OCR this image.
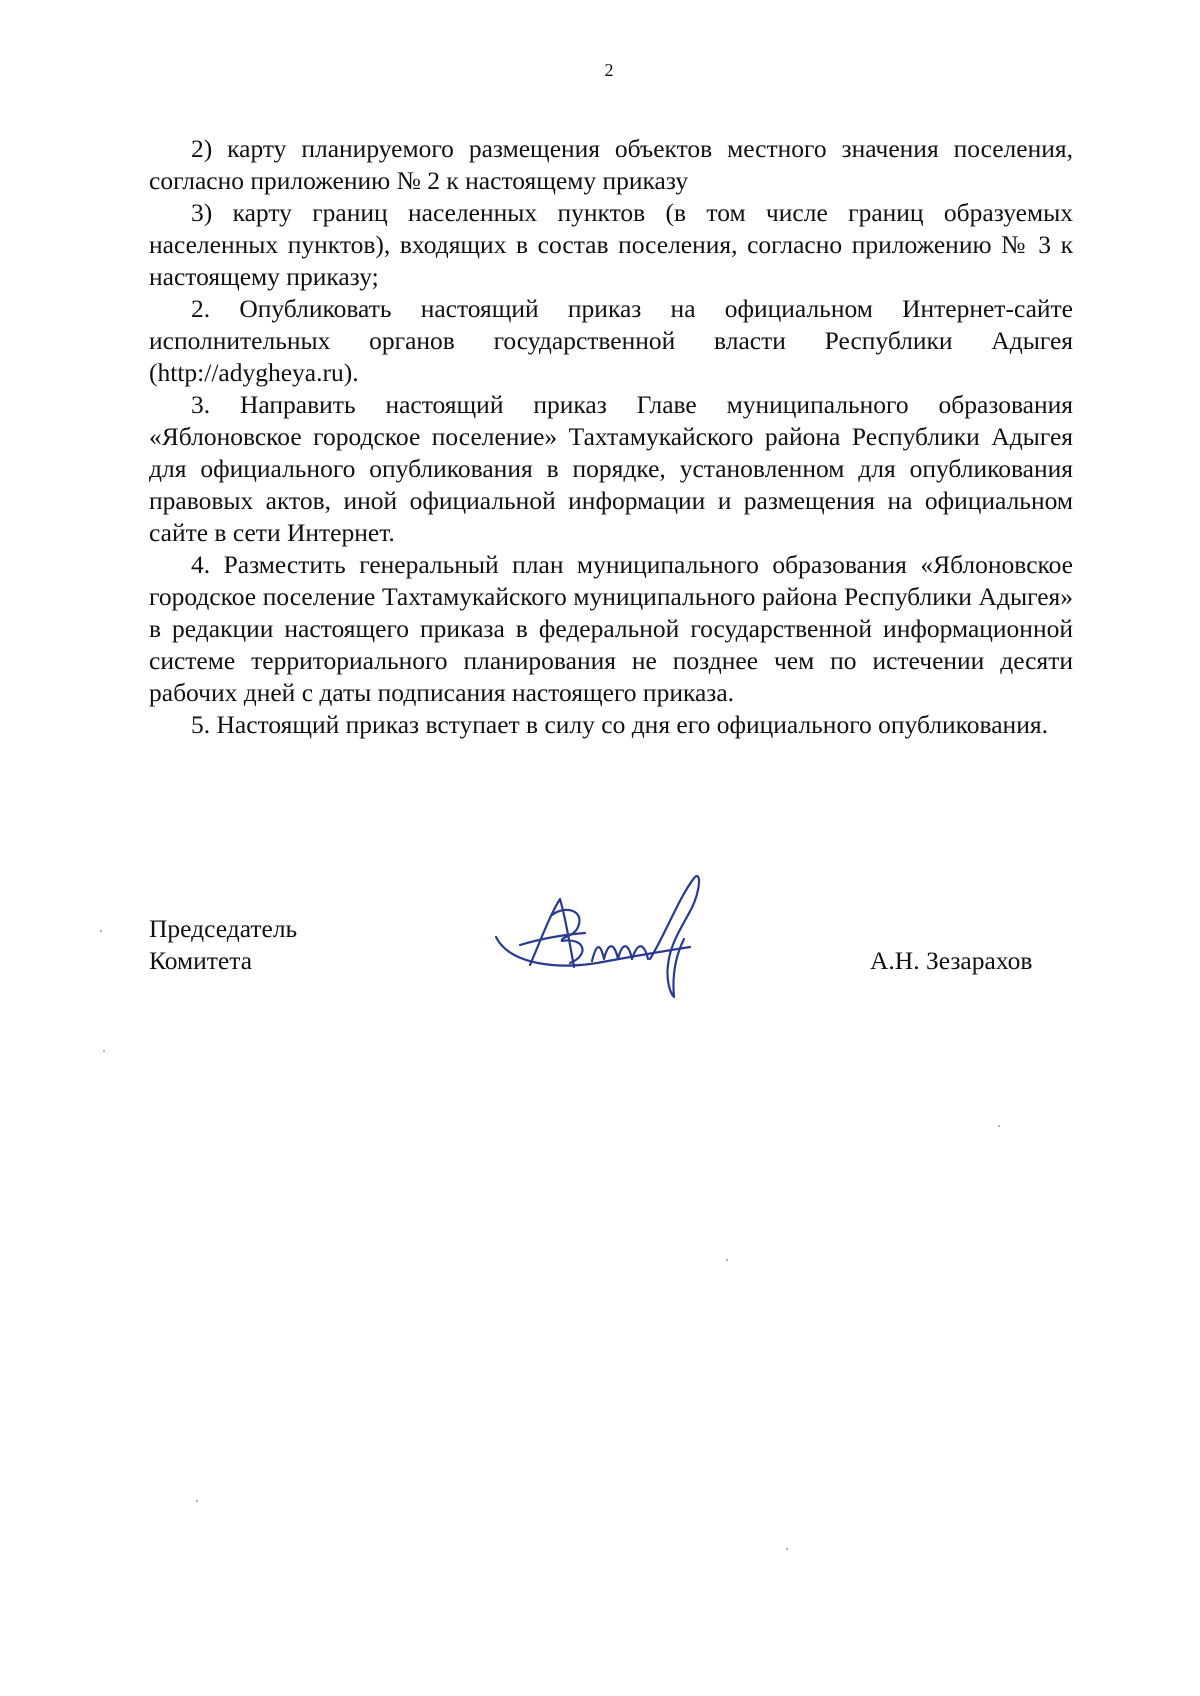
2

2) карту планируемого размещения объектов местного значения поселения, согласно приложению № 2 к настоящему приказу

3) карту границ населенных пунктов (в том числе границ образуемых населенных пунктов), входящих в состав поселения, согласно приложению № 3 к настоящему приказу;

2. Опубликовать настоящий приказ на официальном Интернет-сайте исполнительных органов государственной власти Республики Адыгея (http://adygheya.ru).

3. Направить настоящий приказ Главе муниципального образования «Яблоновское городское поселение» Тахтамукайского района Республики Адыгея для официального опубликования в порядке, установленном для опубликования правовых актов, иной официальной информации и размещения на официальном сайте в сети Интернет.

4. Разместить генеральный план муниципального образования «Яблоновское городское поселение Тахтамукайского муниципального района Республики Адыгея» в редакции настоящего приказа в федеральной государственной информационной системе территориального планирования не позднее чем по истечении десяти рабочих дней с даты подписания настоящего приказа.

5. Настоящий приказ вступает в силу со дня его официального опубликования.

Председатель
Комитета	А.Н. Зезарахов
